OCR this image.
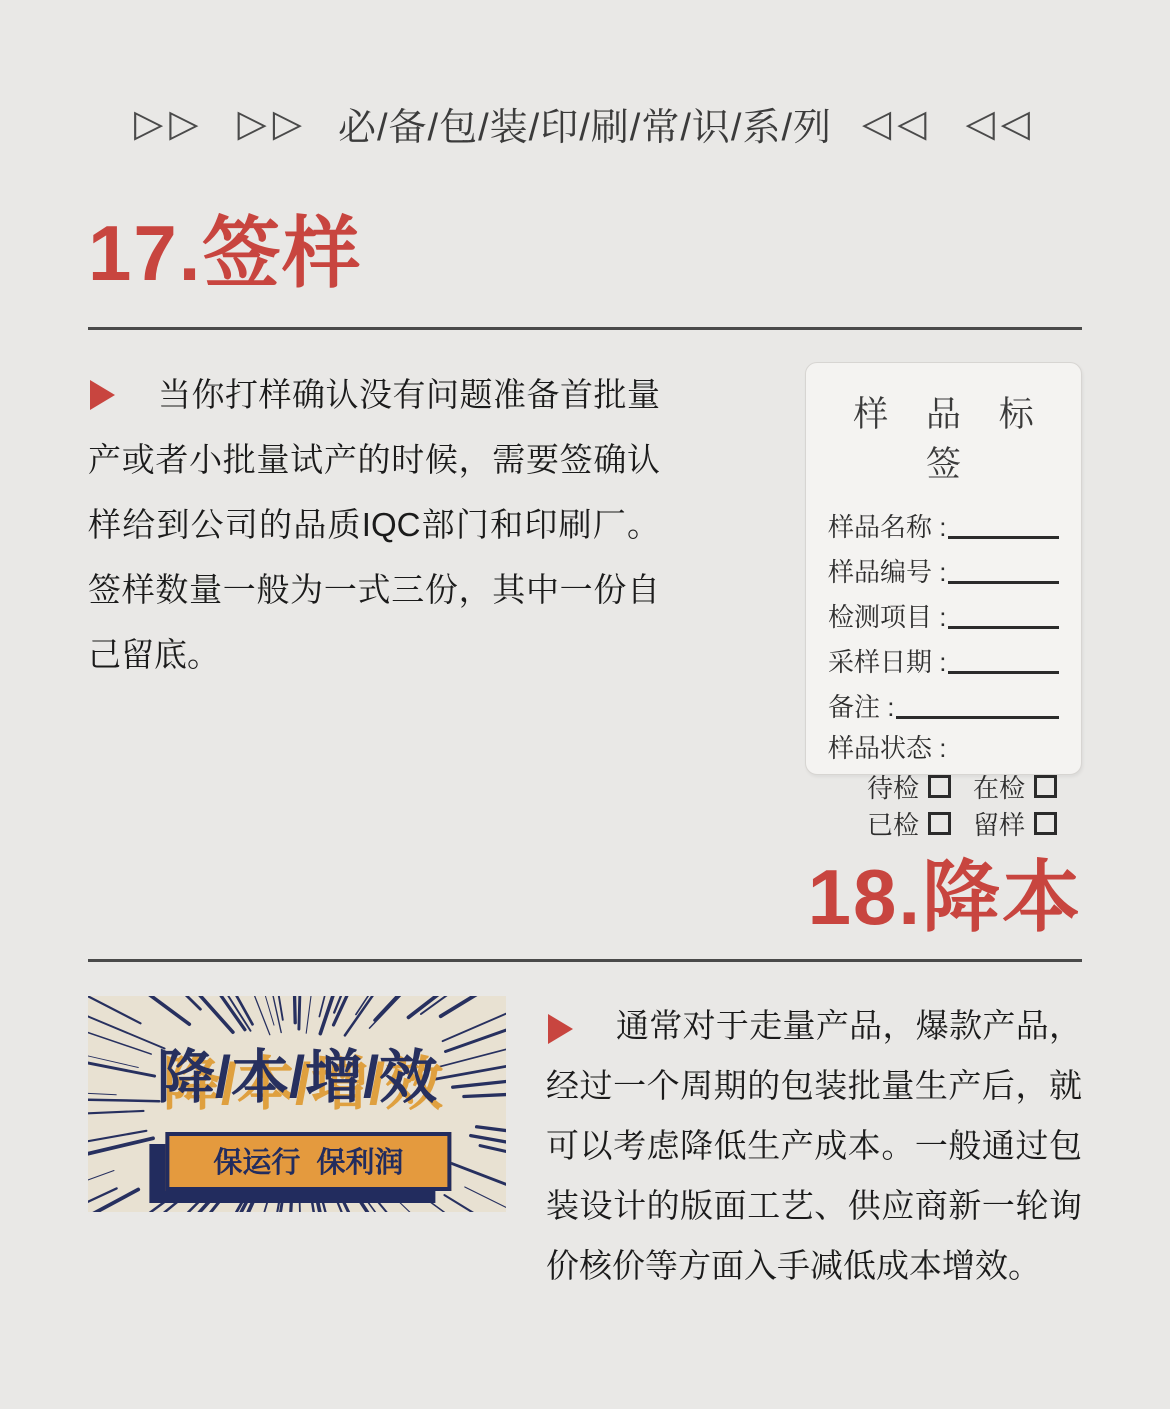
▷▷  ▷▷ 必/备/包/装/印/刷/常/识/系/列 ◁◁  ◁◁
17.签样

当你打样确认没有问题准备首批量产或者小批量试产的时候，需要签确认样给到公司的品质IQC部门和印刷厂。签样数量一般为一式三份，其中一份自己留底。

样 品 标 签
样品名称 :
样品编号 :
检测项目 :
采样日期 :
备注 :
样品状态 :
待检 在检
已检 留样
18.降本
降/本/增/效
保运行  保利润

通常对于走量产品，爆款产品，经过一个周期的包装批量生产后，就可以考虑降低生产成本。一般通过包装设计的版面工艺、供应商新一轮询价核价等方面入手减低成本增效。
